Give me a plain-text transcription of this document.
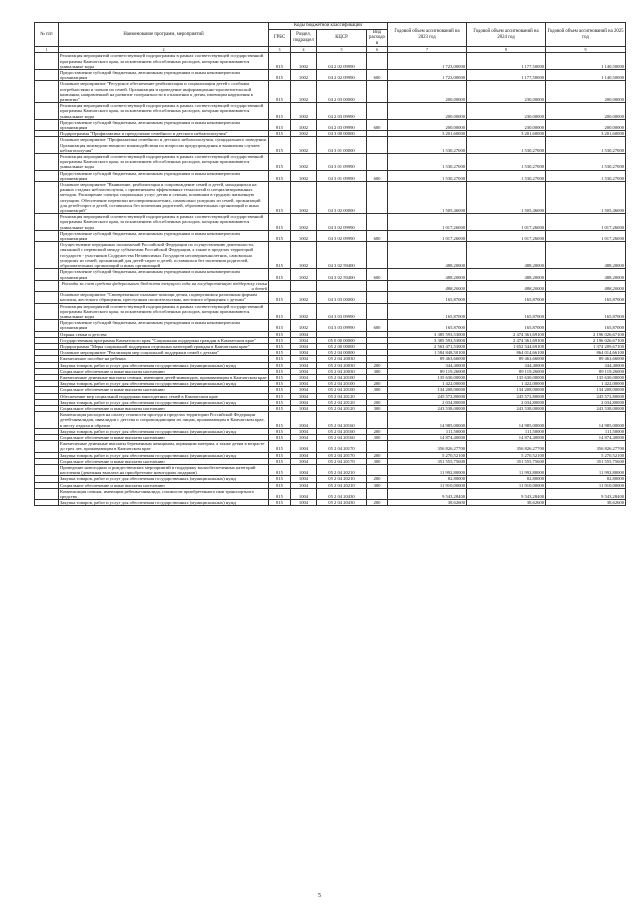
№ п/п	Наименование программ, мероприятий	Коды бюджетной классификации				Годовой объем ассигнований на 2023 год	Годовой объем ассигнований на 2024 год	Годовой объем ассигнований на 2025 год
		ГРБС	Раздел, подраздел	КЦСР	Вид расходов			
1	2	3	4	5	6	7	8	9
	Реализация мероприятий соответствующей подпрограммы в рамках соответствующей государственной программы Камчатского края, за исключением обособленных расходов, которым присваиваются уникальные коды	815	1002	04 2 02 09990		1 723,00000	1 177,50000	1 140,50000
	Предоставление субсидий бюджетным, автономным учреждениям и иным некоммерческим организациям	815	1002	04 2 02 09990	600	1 723,00000	1 177,50000	1 140,50000
	Основное мероприятие "Ресурсное обеспечение реабилитации и социализации детей с особыми потребностями и членов их семей. Организация и проведение информационно-просветительской кампании, направленной на развитие толерантности в отношении к детям, имеющим нарушения в развитии"	815	1002	04 2 03 00000		200,00000	230,00000	200,00000
	Реализация мероприятий соответствующей подпрограммы в рамках соответствующей государственной программы Камчатского края, за исключением обособленных расходов, которым присваиваются уникальные коды	815	1002	04 2 03 09990		200,00000	230,00000	200,00000
	Предоставление субсидий бюджетным, автономным учреждениям и иным некоммерческим организациям	815	1002	04 2 03 09990	600	200,00000	230,00000	200,00000
	Подпрограмма "Профилактика и преодоление семейного и детского неблагополучия"	815	1002	04 3 00 00000		3 201,60000	3 201,60000	3 201,60000
	Основное мероприятие "Профилактика семейного и детского неблагополучия, суицидального поведения. Организация межведомственного взаимодействия по вопросам предупреждения и выявления случаев неблагополучия"	815	1002	04 3 01 00000		1 530,27000	1 530,27000	1 530,27000
	Реализация мероприятий соответствующей подпрограммы в рамках соответствующей государственной программы Камчатского края, за исключением обособленных расходов, которым присваиваются уникальные коды	815	1002	04 3 01 09990		1 530,27000	1 530,27000	1 530,27000
	Предоставление субсидий бюджетным, автономным учреждениям и иным некоммерческим организациям	815	1002	04 3 01 09990	600	1 530,27000	1 530,27000	1 530,27000
	Основное мероприятие "Выявление, реабилитация и сопровождение семей и детей, находящихся на ранних стадиях неблагополучия, с применением эффективных технологий и специализированных методик. Расширение спектра социальных услуг детям и семьям, попавшим в трудную жизненную ситуацию. Обеспечение перевозки несовершеннолетних, самовольно ушедших из семей, организаций для детей-сирот и детей, оставшихся без попечения родителей, образовательных организаций и иных организаций"	815	1002	04 3 02 00000		1 505,46000	1 505,46000	1 505,46000
	Реализация мероприятий соответствующей подпрограммы в рамках соответствующей государственной программы Камчатского края, за исключением обособленных расходов, которым присваиваются уникальные коды	815	1002	04 3 02 09990		1 017,26000	1 017,26000	1 017,26000
	Предоставление субсидий бюджетным, автономным учреждениям и иным некоммерческим организациям	815	1002	04 3 02 09990	600	1 017,26000	1 017,26000	1 017,26000
	Осуществление переданных полномочий Российской Федерации по осуществлению деятельности, связанной с перевозкой между субъектами Российской Федерации, а также в пределах территорий государств - участников Содружества Независимых Государств несовершеннолетних, самовольно ушедших из семей, организаций для детей-сирот и детей, оставшихся без попечения родителей, образовательных организаций и иных организаций	815	1002	04 3 02 59400		488,20000	488,20000	488,20000
	Предоставление субсидий бюджетным, автономным учреждениям и иным некоммерческим организациям	815	1002	04 3 02 59400	600	488,20000	488,20000	488,20000
	Расходы за счет средств федерального бюджета текущего года на государственную поддержку семьи и детей					488,20000	488,20000	488,20000
	Основное мероприятие "Своевременное оказание помощи детям, подвергшимся различным формам насилия, жестокого обращения, преступным посягательствам, жестокого обращения с детьми"	815	1002	04 3 03 00000		165,87000	165,87000	165,87000
	Реализация мероприятий соответствующей подпрограммы в рамках соответствующей государственной программы Камчатского края, за исключением обособленных расходов, которым присваиваются уникальные коды	815	1002	04 3 03 09990		165,87000	165,87000	165,87000
	Предоставление субсидий бюджетным, автономным учреждениям и иным некоммерческим организациям	815	1002	04 3 03 09990	600	165,87000	165,87000	165,87000
	Охрана семьи и детства	815	1004			3 385 593,53000	2 474 361,69100	2 196 026,67100
	Государственная программа Камчатского края "Социальная поддержка граждан в Камчатском крае"	815	1004	05 0 00 00000		3 385 593,53000	2 474 361,69100	2 196 026,67100
	Подпрограмма "Меры социальной поддержки отдельных категорий граждан в Камчатском крае"	815	1004	05 2 00 00000		2 563 471,53000	1 652 544,69100	1 374 209,67100
	Основное мероприятие "Реализация мер социальной поддержки семей с детьми"	815	1004	05 2 04 00000		1 584 848,50100	864 014,66100	864 014,66100
	Ежемесячное пособие на ребенка	815	1004	05 2 04 20030		89 463,66000	89 463,66000	89 463,66000
	Закупка товаров, работ и услуг для обеспечения государственных (муниципальных) нужд	815	1004	05 2 04 20030	200	344,40000	344,40000	344,40000
	Социальное обеспечение и иные выплаты населению	815	1004	05 2 04 20030	300	89 119,26000	89 119,26000	89 119,26000
	Ежемесячные денежные выплаты семьям, имеющим детей-инвалидов, проживающим в Камчатском крае	815	1004	05 2 04 20100		135 630,00000	135 630,00000	135 630,00000
	Закупка товаров, работ и услуг для обеспечения государственных (муниципальных) нужд	815	1004	05 2 04 20100	200	1 422,00000	1 422,00000	1 422,00000
	Социальное обеспечение и иные выплаты населению	815	1004	05 2 04 20100	300	134 208,00000	134 208,00000	134 208,00000
	Обеспечение мер социальной поддержки многодетных семей в Камчатском крае	815	1004	05 2 04 20120		245 572,80000	245 572,80000	245 572,80000
	Закупка товаров, работ и услуг для обеспечения государственных (муниципальных) нужд	815	1004	05 2 04 20120	200	2 034,80000	2 034,80000	2 034,80000
	Социальное обеспечение и иные выплаты населению	815	1004	05 2 04 20120	300	243 538,00000	243 538,00000	243 538,00000
	Компенсация расходов на оплату стоимости проезда в пределах территории Российской Федерации детей-инвалидов, инвалидов с детства и сопровождающим их лицам, проживающим в Камчатском крае, к месту отдыха и обратно	815	1004	05 2 04 20160		14 985,00000	14 985,00000	14 985,00000
	Закупка товаров, работ и услуг для обеспечения государственных (муниципальных) нужд	815	1004	05 2 04 20160	200	111,50000	111,50000	111,50000
	Социальное обеспечение и иные выплаты населению	815	1004	05 2 04 20160	300	14 874,40000	14 874,40000	14 874,40000
	Ежемесячные денежные выплаты беременным женщинам, кормящим матерям, а также детям в возрасте до трех лет, проживающим в Камчатском крае	815	1004	05 2 04 20170		356 826,27700	356 826,27700	356 826,27700
	Закупка товаров, работ и услуг для обеспечения государственных (муниципальных) нужд	815	1004	05 2 04 20170	200	5 270,52100	5 270,52100	5 270,52100
	Социальное обеспечение и иные выплаты населению	815	1004	05 2 04 20170	300	351 555,75600	351 555,75600	351 555,75600
	Проведение новогодних и рождественских мероприятий в поддержку малообеспеченных категорий населения (денежная выплата на приобретение новогодних подарков)	815	1004	05 2 04 20210		11 992,80000	11 992,80000	11 992,80000
	Закупка товаров, работ и услуг для обеспечения государственных (муниципальных) нужд	815	1004	05 2 04 20210	200	82,80000	82,80000	82,80000
	Социальное обеспечение и иные выплаты населению	815	1004	05 2 04 20210	300	11 910,00000	11 910,00000	11 910,00000
	Компенсация семьям, имеющим ребенка-инвалида, стоимости приобретенного ими транспортного средства	815	1004	05 2 04 20430		9 543,28400	9 543,28400	9 543,28400
	Закупка товаров, работ и услуг для обеспечения государственных (муниципальных) нужд	815	1004	05 2 04 20430	200	38,62600	38,62600	38,62600
5
